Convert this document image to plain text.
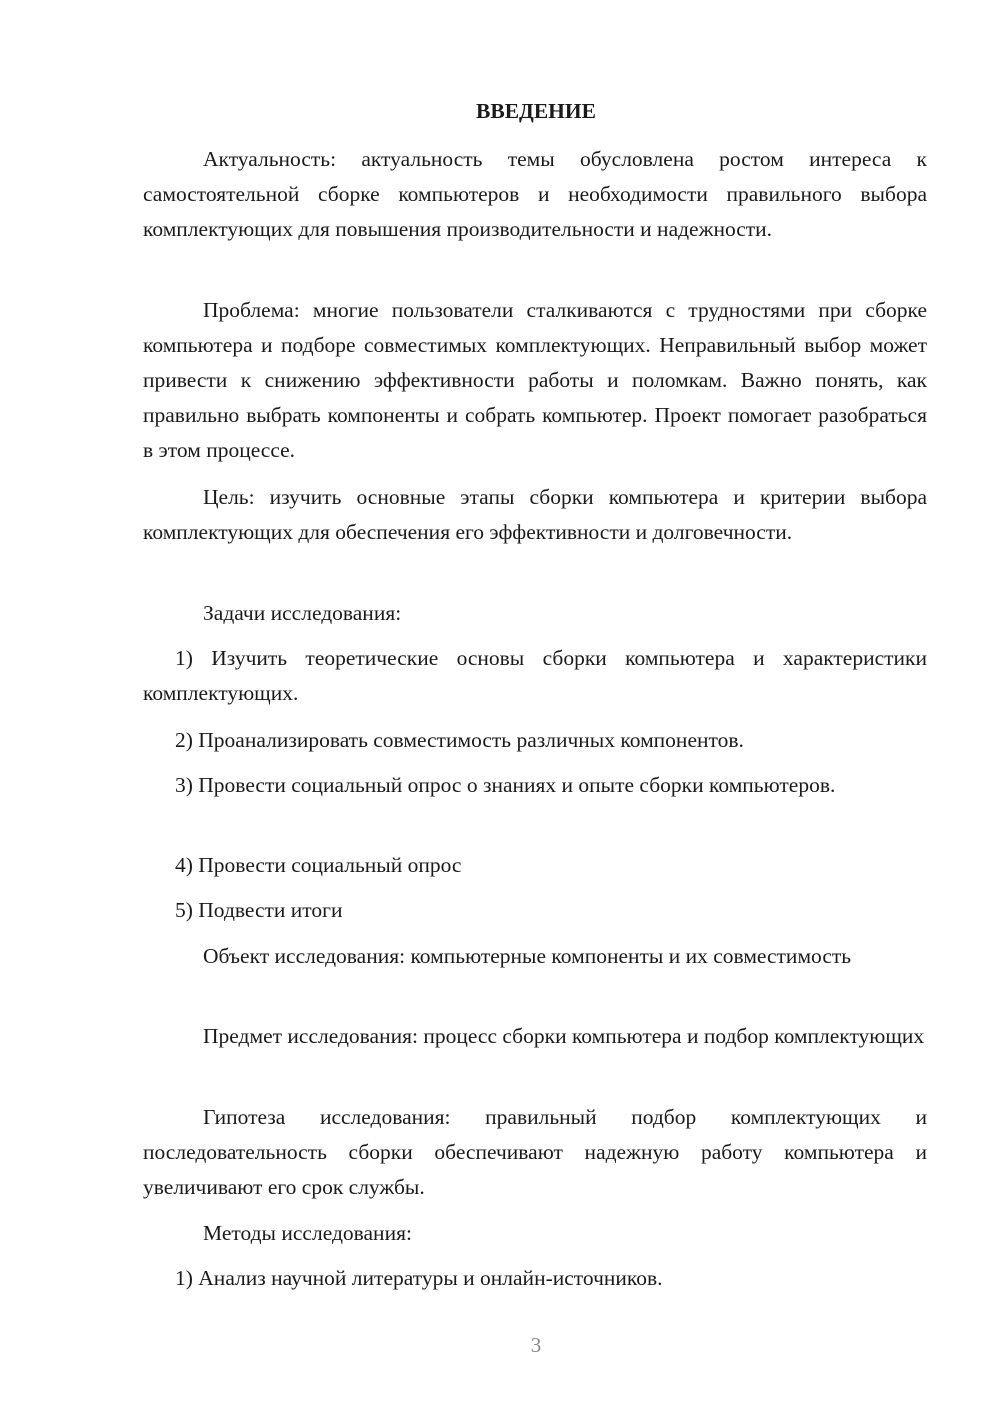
ВВЕДЕНИЕ
Актуальность: актуальность темы обусловлена ростом интереса к самостоятельной сборке компьютеров и необходимости правильного выбора комплектующих для повышения производительности и надежности.
Проблема: многие пользователи сталкиваются с трудностями при сборке компьютера и подборе совместимых комплектующих. Неправильный выбор может привести к снижению эффективности работы и поломкам. Важно понять, как правильно выбрать компоненты и собрать компьютер. Проект помогает разобраться в этом процессе.
Цель: изучить основные этапы сборки компьютера и критерии выбора комплектующих для обеспечения его эффективности и долговечности.
Задачи исследования:
1) Изучить теоретические основы сборки компьютера и характеристики комплектующих.
2) Проанализировать совместимость различных компонентов.
3) Провести социальный опрос о знаниях и опыте сборки компьютеров.
4) Провести социальный опрос
5) Подвести итоги
Объект исследования: компьютерные компоненты и их совместимость
Предмет исследования: процесс сборки компьютера и подбор комплектующих
Гипотеза исследования: правильный подбор комплектующих и последовательность сборки обеспечивают надежную работу компьютера и увеличивают его срок службы.
Методы исследования:
1) Анализ научной литературы и онлайн-источников.
3
